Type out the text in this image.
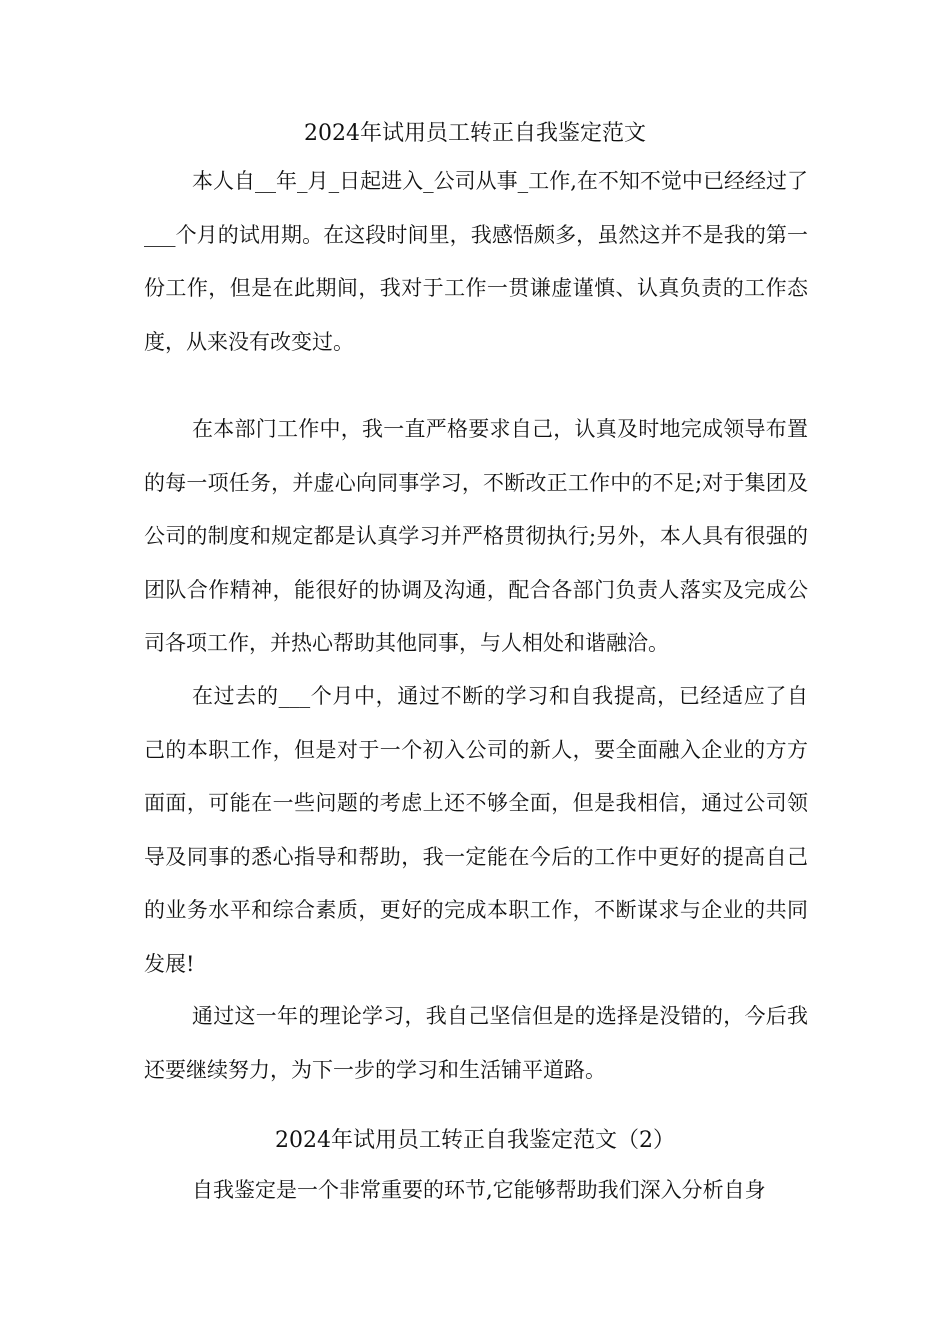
2024年试用员工转正自我鉴定范文

本人自__年_月_日起进入_公司从事_工作,在不知不觉中已经经过了___个月的试用期。在这段时间里，我感悟颇多，虽然这并不是我的第一份工作，但是在此期间，我对于工作一贯谦虚谨慎、认真负责的工作态度，从来没有改变过。

在本部门工作中，我一直严格要求自己，认真及时地完成领导布置的每一项任务，并虚心向同事学习，不断改正工作中的不足;对于集团及公司的制度和规定都是认真学习并严格贯彻执行;另外，本人具有很强的团队合作精神，能很好的协调及沟通，配合各部门负责人落实及完成公司各项工作，并热心帮助其他同事，与人相处和谐融洽。

在过去的___个月中，通过不断的学习和自我提高，已经适应了自己的本职工作，但是对于一个初入公司的新人，要全面融入企业的方方面面，可能在一些问题的考虑上还不够全面，但是我相信，通过公司领导及同事的悉心指导和帮助，我一定能在今后的工作中更好的提高自己的业务水平和综合素质，更好的完成本职工作，不断谋求与企业的共同发展!

通过这一年的理论学习，我自己坚信但是的选择是没错的，今后我还要继续努力，为下一步的学习和生活铺平道路。

2024年试用员工转正自我鉴定范文（2）

自我鉴定是一个非常重要的环节,它能够帮助我们深入分析自身
